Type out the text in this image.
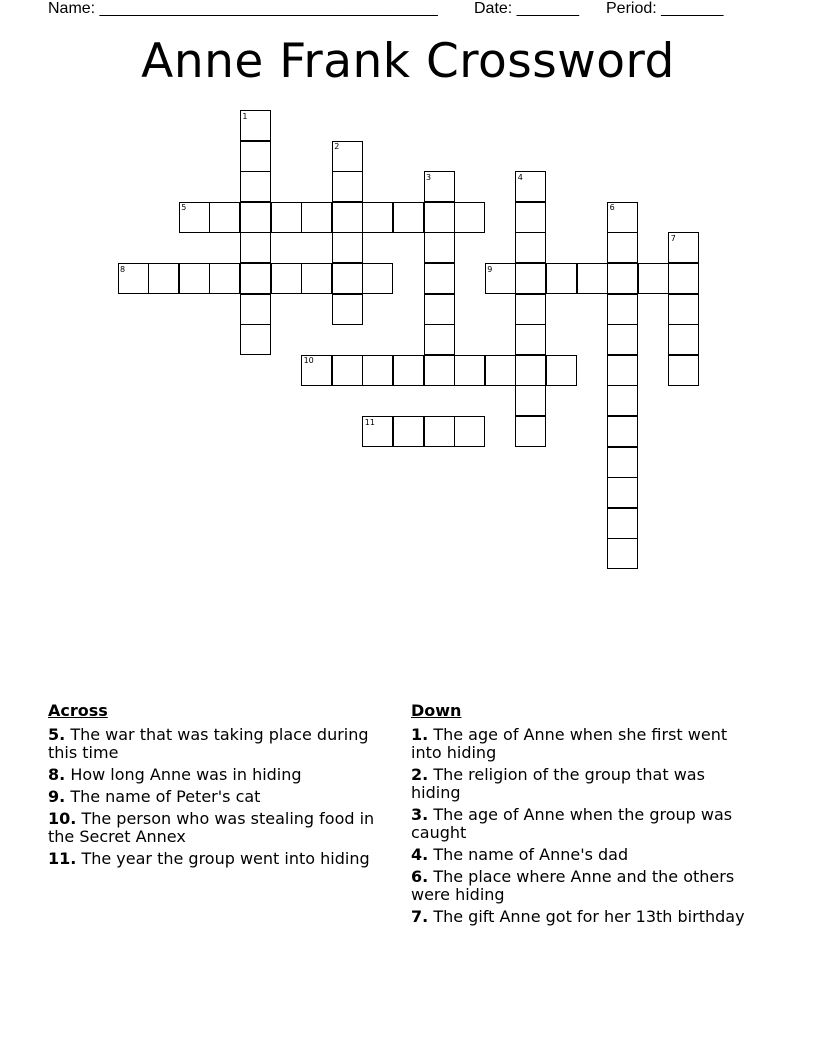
Name: ______________________________________ Date: _______ Period: _______
Anne Frank Crossword
1
2
3	4
5	6
7
8	9
10
11
Across
5. The war that was taking place during this time
8. How long Anne was in hiding
9. The name of Peter's cat
10. The person who was stealing food in the Secret Annex
11. The year the group went into hiding
Down
1. The age of Anne when she first went into hiding
2. The religion of the group that was hiding
3. The age of Anne when the group was caught
4. The name of Anne's dad
6. The place where Anne and the others were hiding
7. The gift Anne got for her 13th birthday
